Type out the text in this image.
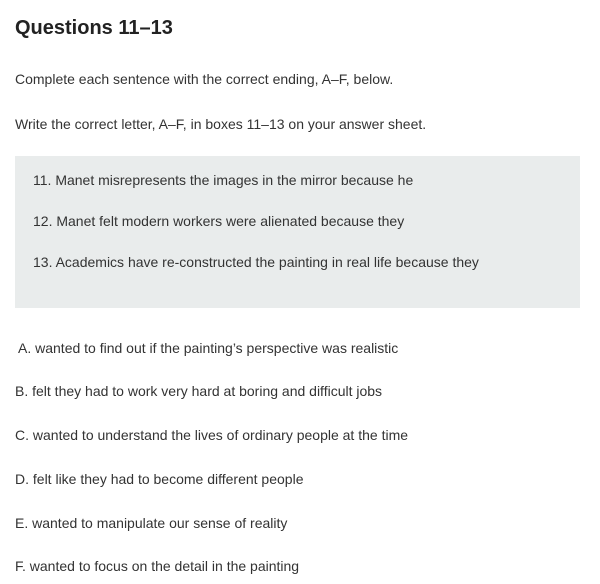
Questions 11–13

Complete each sentence with the correct ending, A–F, below.

Write the correct letter, A–F, in boxes 11–13 on your answer sheet.

11. Manet misrepresents the images in the mirror because he

12. Manet felt modern workers were alienated because they

13. Academics have re-constructed the painting in real life because they

A. wanted to find out if the painting’s perspective was realistic

B. felt they had to work very hard at boring and difficult jobs

C. wanted to understand the lives of ordinary people at the time

D. felt like they had to become different people

E. wanted to manipulate our sense of reality

F. wanted to focus on the detail in the painting
